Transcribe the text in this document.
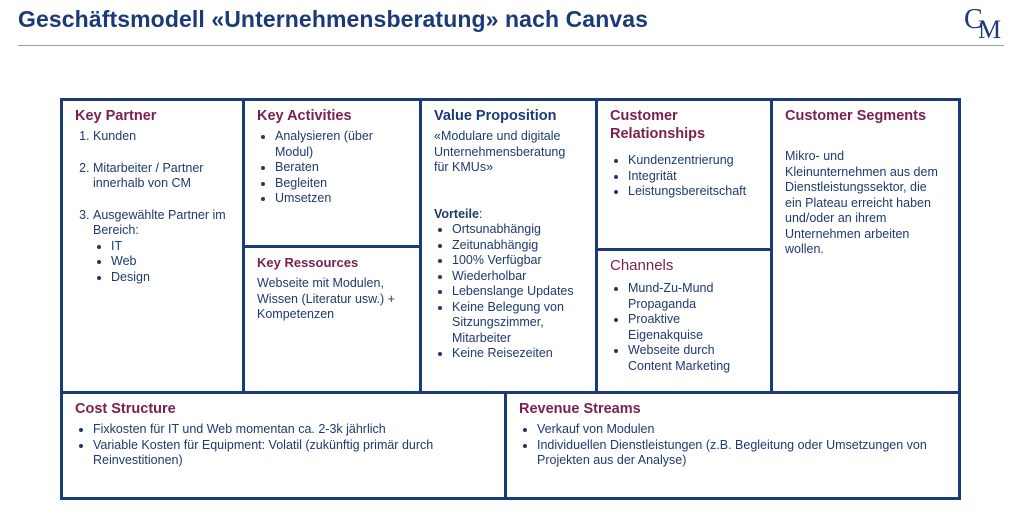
Geschäftsmodell «Unternehmensberatung» nach Canvas	C
M
Key Partner
1. Kunden
2. Mitarbeiter / Partner innerhalb von CM
3. Ausgewählte Partner im Bereich:
• IT
• Web
• Design
Key Activities
• Analysieren (über Modul)
• Beraten
• Begleiten
• Umsetzen
Key Ressources
Webseite mit Modulen, Wissen (Literatur usw.) + Kompetenzen
Value Proposition
«Modulare und digitale Unternehmensberatung für KMUs»
Vorteile:
• Ortsunabhängig
• Zeitunabhängig
• 100% Verfügbar
• Wiederholbar
• Lebenslange Updates
• Keine Belegung von Sitzungszimmer, Mitarbeiter
• Keine Reisezeiten
Customer Relationships
• Kundenzentrierung
• Integrität
• Leistungsbereitschaft
Channels
• Mund-Zu-Mund Propaganda
• Proaktive Eigenakquise
• Webseite durch Content Marketing
Customer Segments
Mikro- und Kleinunternehmen aus dem Dienstleistungssektor, die ein Plateau erreicht haben und/oder an ihrem Unternehmen arbeiten wollen.
Cost Structure
• Fixkosten für IT und Web momentan ca. 2-3k jährlich
• Variable Kosten für Equipment: Volatil (zukünftig primär durch Reinvestitionen)
Revenue Streams
• Verkauf von Modulen
• Individuellen Dienstleistungen (z.B. Begleitung oder Umsetzungen von Projekten aus der Analyse)
